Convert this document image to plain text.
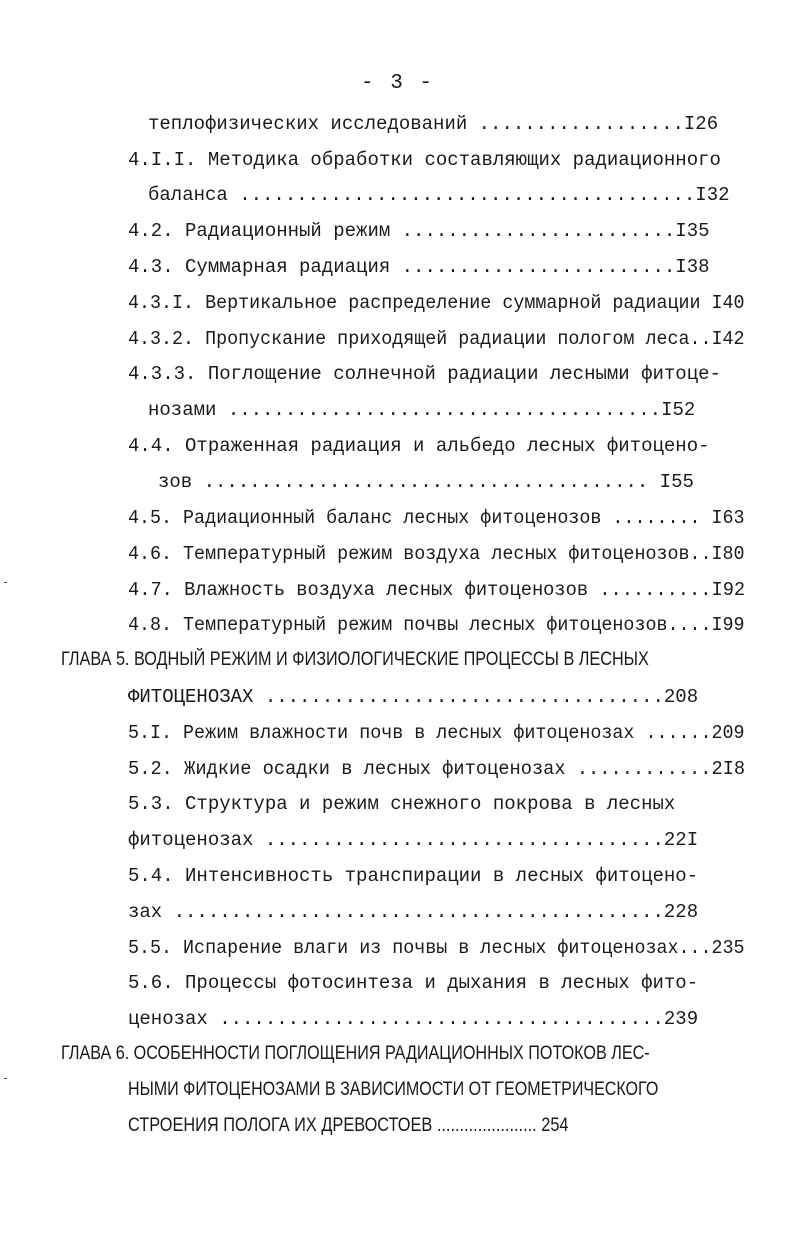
- 3 -
теплофизических исследований ..................I26
4.I.I. Методика обработки составляющих радиационного
баланса ........................................I32
4.2. Радиационный режим ........................I35
4.3. Суммарная радиация ........................I38
4.3.I. Вертикальное распределение суммарной радиации I40
4.3.2. Пропускание приходящей радиации пологом леса..I42
4.3.3. Поглощение солнечной радиации лесными фитоце-
нозами ......................................I52
4.4. Отраженная радиация и альбедо лесных фитоцено-
зов ....................................... I55
4.5. Радиационный баланс лесных фитоценозов ........ I63
4.6. Температурный режим воздуха лесных фитоценозов..I80
4.7. Влажность воздуха лесных фитоценозов ..........I92
4.8. Температурный режим почвы лесных фитоценозов....I99
ГЛАВА 5. ВОДНЫЙ РЕЖИМ И ФИЗИОЛОГИЧЕСКИЕ ПРОЦЕССЫ В ЛЕСНЫХ
ФИТОЦЕНОЗАХ ...................................208
5.I. Режим влажности почв в лесных фитоценозах ......209
5.2. Жидкие осадки в лесных фитоценозах ............2I8
5.3. Структура и режим снежного покрова в лесных
фитоценозах ...................................22I
5.4. Интенсивность транспирации в лесных фитоцено-
зах ...........................................228
5.5. Испарение влаги из почвы в лесных фитоценозах...235
5.6. Процессы фотосинтеза и дыхания в лесных фито-
ценозах .......................................239
ГЛАВА 6. ОСОБЕННОСТИ ПОГЛОЩЕНИЯ РАДИАЦИОННЫХ ПОТОКОВ ЛЕС-
НЫМИ ФИТОЦЕНОЗАМИ В ЗАВИСИМОСТИ ОТ ГЕОМЕТРИЧЕСКОГО
СТРОЕНИЯ ПОЛОГА ИХ ДРЕВОСТОЕВ ...................... 254
